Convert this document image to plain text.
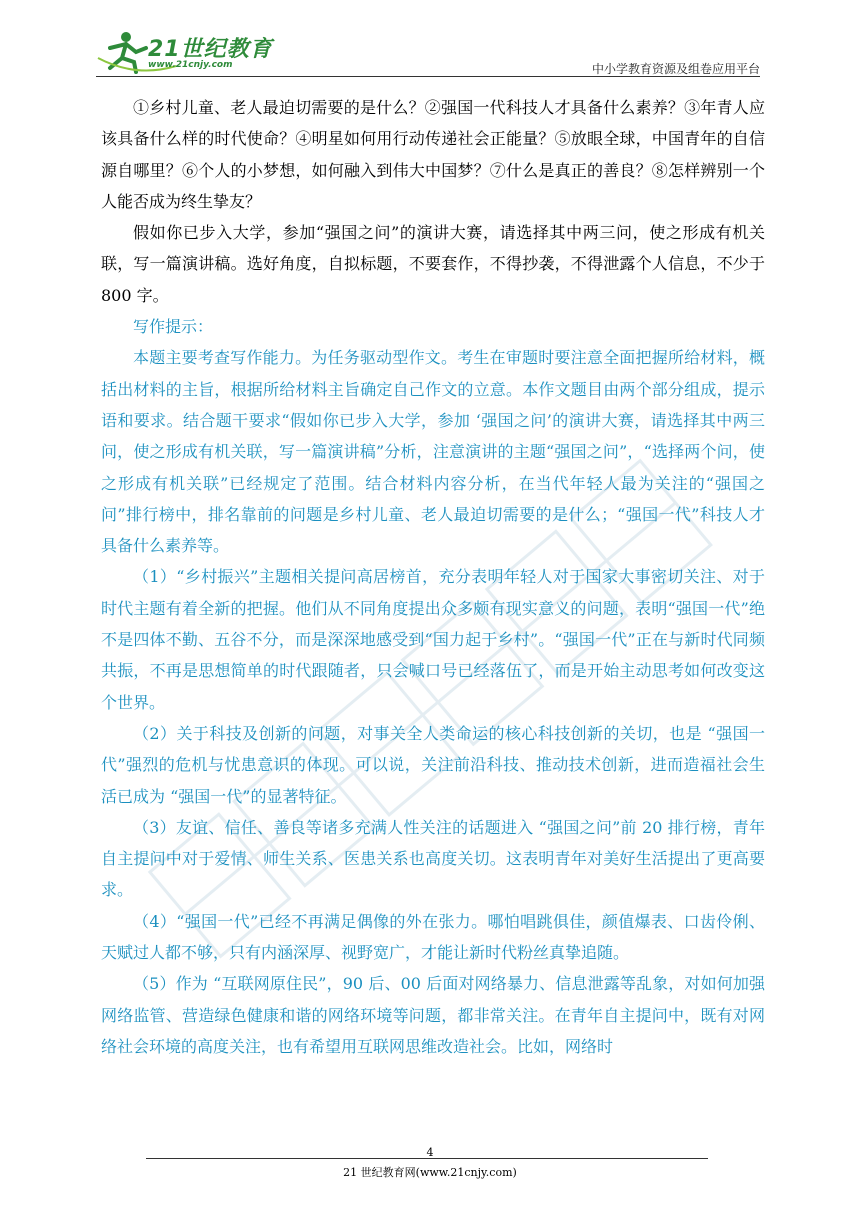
21世纪教育
www.21cnjy.com	中小学教育资源及组卷应用平台

①乡村儿童、老人最迫切需要的是什么？②强国一代科技人才具备什么素养？③年青人应该具备什么样的时代使命？④明星如何用行动传递社会正能量？⑤放眼全球，中国青年的自信源自哪里？⑥个人的小梦想，如何融入到伟大中国梦？⑦什么是真正的善良？⑧怎样辨别一个人能否成为终生挚友？

假如你已步入大学，参加“强国之问”的演讲大赛，请选择其中两三问，使之形成有机关联，写一篇演讲稿。选好角度，自拟标题，不要套作，不得抄袭，不得泄露个人信息，不少于 800 字。

写作提示：

本题主要考查写作能力。为任务驱动型作文。考生在审题时要注意全面把握所给材料，概括出材料的主旨，根据所给材料主旨确定自己作文的立意。本作文题目由两个部分组成，提示语和要求。结合题干要求“假如你已步入大学，参加 ‘强国之问’的演讲大赛，请选择其中两三问，使之形成有机关联，写一篇演讲稿”分析，注意演讲的主题“强国之问”，“选择两个问，使之形成有机关联”已经规定了范围。结合材料内容分析，在当代年轻人最为关注的“强国之问”排行榜中，排名靠前的问题是乡村儿童、老人最迫切需要的是什么；“强国一代”科技人才具备什么素养等。

（1）“乡村振兴”主题相关提问高居榜首，充分表明年轻人对于国家大事密切关注、对于时代主题有着全新的把握。他们从不同角度提出众多颇有现实意义的问题，表明“强国一代”绝不是四体不勤、五谷不分，而是深深地感受到“国力起于乡村”。“强国一代”正在与新时代同频共振，不再是思想简单的时代跟随者，只会喊口号已经落伍了，而是开始主动思考如何改变这个世界。

（2）关于科技及创新的问题，对事关全人类命运的核心科技创新的关切，也是 “强国一代”强烈的危机与忧患意识的体现。可以说，关注前沿科技、推动技术创新，进而造福社会生活已成为 “强国一代”的显著特征。

（3）友谊、信任、善良等诸多充满人性关注的话题进入 “强国之问”前 20 排行榜，青年自主提问中对于爱情、师生关系、医患关系也高度关切。这表明青年对美好生活提出了更高要求。

（4）“强国一代”已经不再满足偶像的外在张力。哪怕唱跳俱佳，颜值爆表、口齿伶俐、天赋过人都不够，只有内涵深厚、视野宽广，才能让新时代粉丝真挚追随。

（5）作为 “互联网原住民”，90 后、00 后面对网络暴力、信息泄露等乱象，对如何加强网络监管、营造绿色健康和谐的网络环境等问题，都非常关注。在青年自主提问中，既有对网络社会环境的高度关注，也有希望用互联网思维改造社会。比如，网络时

4
21 世纪教育网(www.21cnjy.com)
